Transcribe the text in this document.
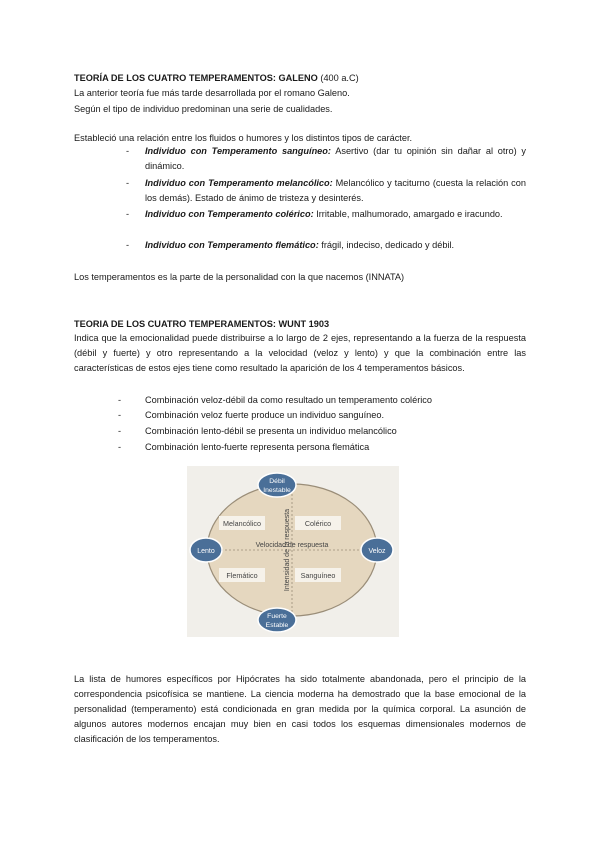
TEORÍA DE LOS CUATRO TEMPERAMENTOS: GALENO (400 a.C)
La anterior teoría fue más tarde desarrollada por el romano Galeno.
Según el tipo de individuo predominan una serie de cualidades.
Estableció una relación entre los fluidos o humores y los distintos tipos de carácter.
- Individuo con Temperamento sanguíneo: Asertivo (dar tu opinión sin dañar al otro) y dinámico.
- Individuo con Temperamento melancólico: Melancólico y taciturno (cuesta la relación con los demás). Estado de ánimo de tristeza y desinterés.
- Individuo con Temperamento colérico: Irritable, malhumorado, amargado e iracundo.
- Individuo con Temperamento flemático: frágil, indeciso, dedicado y débil.
Los temperamentos es la parte de la personalidad con la que nacemos (INNATA)
TEORIA DE LOS CUATRO TEMPERAMENTOS: WUNT 1903
Indica que la emocionalidad puede distribuirse a lo largo de 2 ejes, representando a la fuerza de la respuesta (débil y fuerte) y otro representando a la velocidad (veloz y lento) y que la combinación entre las características de estos ejes tiene como resultado la aparición de los 4 temperamentos básicos.
-	Combinación veloz-débil da como resultado un temperamento colérico
-	Combinación veloz fuerte produce un individuo sanguíneo.
-	Combinación lento-débil se presenta un individuo melancólico
-	Combinación lento-fuerte representa persona flemática
Melancólico	Colérico
Flemático	Sanguíneo
Velocidad de respuesta
Intensidad de la respuesta
Débil
Inestable
Fuerte
Estable
Lento	Veloz
La lista de humores específicos por Hipócrates ha sido totalmente abandonada, pero el principio de la correspondencia psicofísica se mantiene. La ciencia moderna ha demostrado que la base emocional de la personalidad (temperamento) está condicionada en gran medida por la química corporal. La asunción de algunos autores modernos encajan muy bien en casi todos los esquemas dimensionales modernos de clasificación de los temperamentos.
